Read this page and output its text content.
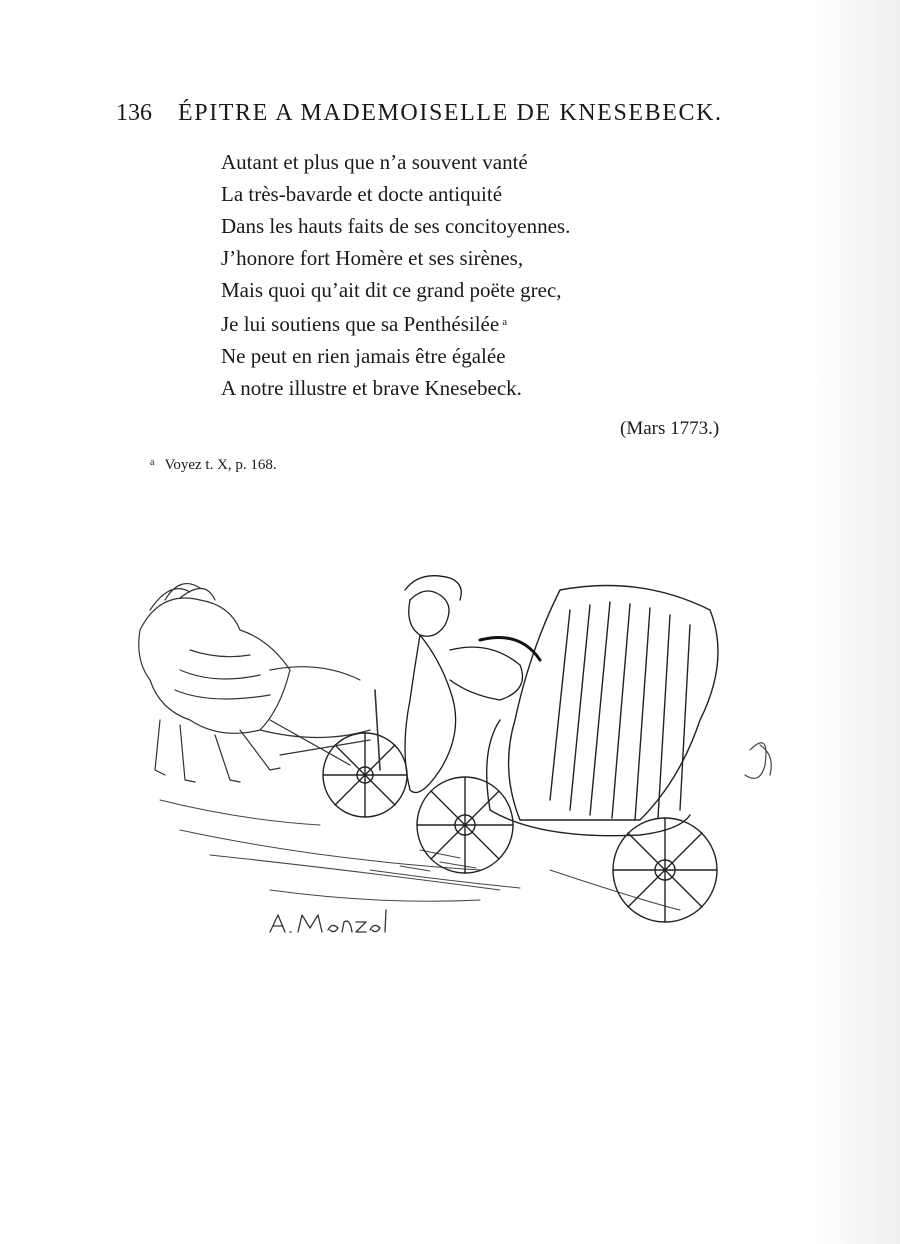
136 ÉPITRE A MADEMOISELLE DE KNESEBECK.
Autant et plus que n’a souvent vanté
La très-bavarde et docte antiquité
Dans les hauts faits de ses concitoyennes.
J’honore fort Homère et ses sirènes,
Mais quoi qu’ait dit ce grand poëte grec,
Je lui soutiens que sa Penthésilée $^a$
Ne peut en rien jamais être égalée
A notre illustre et brave Knesebeck.
(Mars 1773.)
$^a$ Voyez t. X, p. 168.
